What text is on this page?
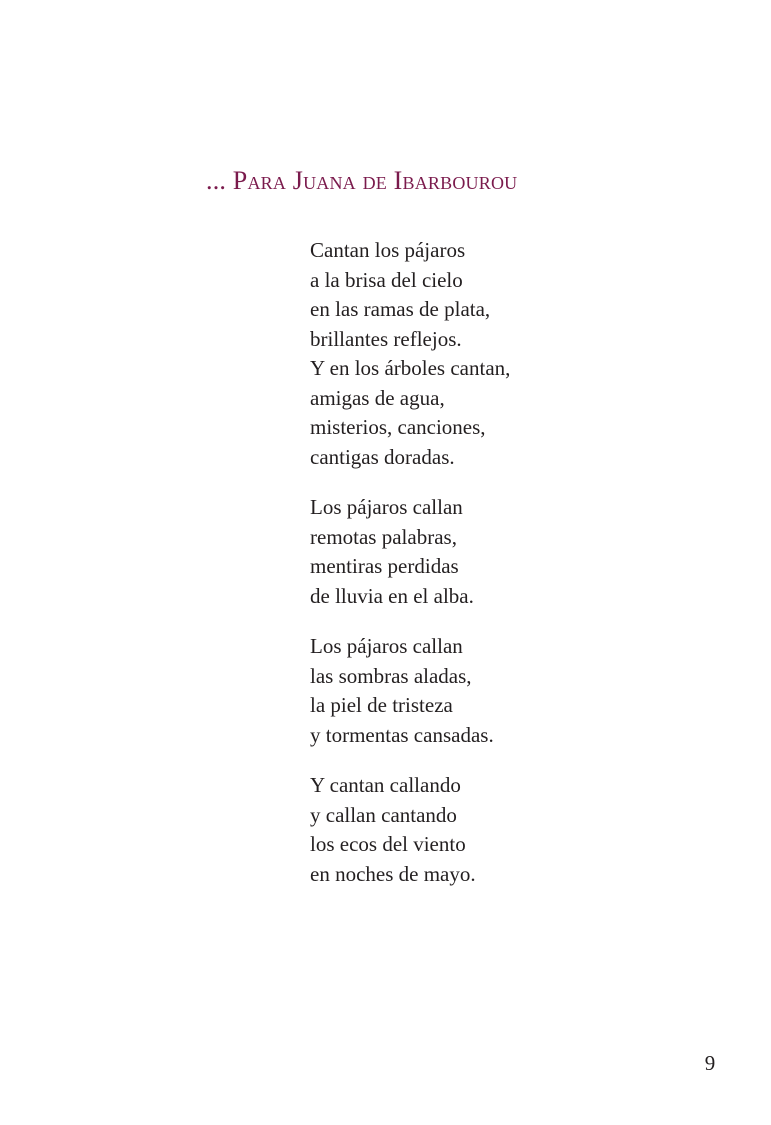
... Para Juana de Ibarbourou
Cantan los pájaros
a la brisa del cielo
en las ramas de plata,
brillantes reflejos.
Y en los árboles cantan,
amigas de agua,
misterios, canciones,
cantigas doradas.
Los pájaros callan
remotas palabras,
mentiras perdidas
de lluvia en el alba.
Los pájaros callan
las sombras aladas,
la piel de tristeza
y tormentas cansadas.
Y cantan callando
y callan cantando
los ecos del viento
en noches de mayo.
9
